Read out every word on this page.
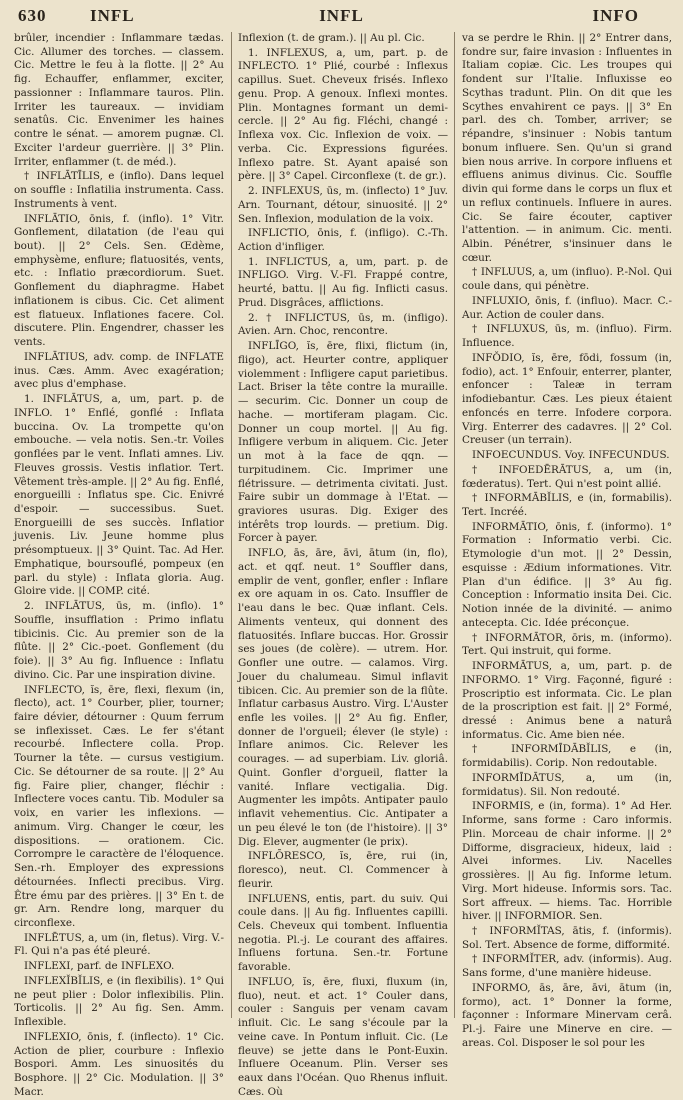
630	INFL	INFL	INFO

brûler, incendier : Inflammare tædas. Cic. Allumer des torches. — classem. Cic. Mettre le feu à la flotte. || 2° Au fig. Echauffer, enflammer, exciter, passionner : Inflammare tauros. Plin. Irriter les taureaux. — invidiam senatûs. Cic. Envenimer les haines contre le sénat. — amorem pugnæ. Cl. Exciter l'ardeur guerrière. || 3° Plin. Irriter, enflammer (t. de méd.).

† INFLĀTĪLIS, e (inflo). Dans lequel on souffle : Inflatilia instrumenta. Cass. Instruments à vent.

INFLĀTIO, ōnis, f. (inflo). 1° Vitr. Gonflement, dilatation (de l'eau qui bout). || 2° Cels. Sen. Œdème, emphysème, enflure; flatuosités, vents, etc. : Inflatio præcordiorum. Suet. Gonflement du diaphragme. Habet inflationem is cibus. Cic. Cet aliment est flatueux. Inflationes facere. Col. discutere. Plin. Engendrer, chasser les vents.

INFLĀTIUS, adv. comp. de INFLATE inus. Cæs. Amm. Avec exagération; avec plus d'emphase.

1. INFLĀTUS, a, um, part. p. de INFLO. 1° Enflé, gonflé : Inflata buccina. Ov. La trompette qu'on embouche. — vela notis. Sen.-tr. Voiles gonflées par le vent. Inflati amnes. Liv. Fleuves grossis. Vestis inflatior. Tert. Vêtement très-ample. || 2° Au fig. Enflé, enorgueilli : Inflatus spe. Cic. Enivré d'espoir. — successibus. Suet. Enorgueilli de ses succès. Inflatior juvenis. Liv. Jeune homme plus présomptueux. || 3° Quint. Tac. Ad Her. Emphatique, boursouflé, pompeux (en parl. du style) : Inflata gloria. Aug. Gloire vide. || COMP. cité.

2. INFLĀTUS, ūs, m. (inflo). 1° Souffle, insufflation : Primo inflatu tibicinis. Cic. Au premier son de la flûte. || 2° Cic.-poet. Gonflement (du foie). || 3° Au fig. Influence : Inflatu divino. Cic. Par une inspiration divine.

INFLECTO, ĭs, ēre, flexi, flexum (in, flecto), act. 1° Courber, plier, tourner; faire dévier, détourner : Quum ferrum se inflexisset. Cæs. Le fer s'étant recourbé. Inflectere colla. Prop. Tourner la tête. — cursus vestigium. Cic. Se détourner de sa route. || 2° Au fig. Faire plier, changer, fléchir : Inflectere voces cantu. Tib. Moduler sa voix, en varier les inflexions. — animum. Virg. Changer le cœur, les dispositions. — orationem. Cic. Corrompre le caractère de l'éloquence. Sen.-rh. Employer des expressions détournées. Inflecti precibus. Virg. Être ému par des prières. || 3° En t. de gr. Arn. Rendre long, marquer du circonflexe.

INFLĒTUS, a, um (in, fletus). Virg. V.-Fl. Qui n'a pas été pleuré.

INFLEXI, parf. de INFLEXO.

INFLEXĬBĬLIS, e (in flexibilis). 1° Qui ne peut plier : Dolor inflexibilis. Plin. Torticolis. || 2° Au fig. Sen. Amm. Inflexible.

INFLEXIO, ōnis, f. (inflecto). 1° Cic. Action de plier, courbure : Inflexio Bospori. Amm. Les sinuosités du Bosphore. || 2° Cic. Modulation. || 3° Macr.

Inflexion (t. de gram.). || Au pl. Cic.

1. INFLEXUS, a, um, part. p. de INFLECTO. 1° Plié, courbé : Inflexus capillus. Suet. Cheveux frisés. Inflexo genu. Prop. A genoux. Inflexi montes. Plin. Montagnes formant un demi-cercle. || 2° Au fig. Fléchi, changé : Inflexa vox. Cic. Inflexion de voix. — verba. Cic. Expressions figurées. Inflexo patre. St. Ayant apaisé son père. || 3° Capel. Circonflexe (t. de gr.).

2. INFLEXUS, ūs, m. (inflecto) 1° Juv. Arn. Tournant, détour, sinuosité. || 2° Sen. Inflexion, modulation de la voix.

INFLICTIO, ōnis, f. (infligo). C.-Th. Action d'infliger.

1. INFLICTUS, a, um, part. p. de INFLIGO. Virg. V.-Fl. Frappé contre, heurté, battu. || Au fig. Inflicti casus. Prud. Disgrâces, afflictions.

2. † INFLICTUS, ūs, m. (infligo). Avien. Arn. Choc, rencontre.

INFLĪGO, ĭs, ēre, flixi, flictum (in, fligo), act. Heurter contre, appliquer violemment : Infligere caput parietibus. Lact. Briser la tête contre la muraille. — securim. Cic. Donner un coup de hache. — mortiferam plagam. Cic. Donner un coup mortel. || Au fig. Infligere verbum in aliquem. Cic. Jeter un mot à la face de qqn. — turpitudinem. Cic. Imprimer une flétrissure. — detrimenta civitati. Just. Faire subir un dommage à l'Etat. — graviores usuras. Dig. Exiger des intérêts trop lourds. — pretium. Dig. Forcer à payer.

INFLO, ās, āre, āvi, ātum (in, flo), act. et qqf. neut. 1° Souffler dans, emplir de vent, gonfler, enfler : Inflare ex ore aquam in os. Cato. Insuffler de l'eau dans le bec. Quæ inflant. Cels. Aliments venteux, qui donnent des flatuosités. Inflare buccas. Hor. Grossir ses joues (de colère). — utrem. Hor. Gonfler une outre. — calamos. Virg. Jouer du chalumeau. Simul inflavit tibicen. Cic. Au premier son de la flûte. Inflatur carbasus Austro. Virg. L'Auster enfle les voiles. || 2° Au fig. Enfler, donner de l'orgueil; élever (le style) : Inflare animos. Cic. Relever les courages. — ad superbiam. Liv. gloriâ. Quint. Gonfler d'orgueil, flatter la vanité. Inflare vectigalia. Dig. Augmenter les impôts. Antipater paulo inflavit vehementius. Cic. Antipater a un peu élevé le ton (de l'histoire). || 3° Dig. Elever, augmenter (le prix).

INFLŌRESCO, ĭs, ēre, rui (in, floresco), neut. Cl. Commencer à fleurir.

INFLUENS, entis, part. du suiv. Qui coule dans. || Au fig. Influentes capilli. Cels. Cheveux qui tombent. Influentia negotia. Pl.-j. Le courant des affaires. Influens fortuna. Sen.-tr. Fortune favorable.

INFLUO, ĭs, ēre, fluxi, fluxum (in, fluo), neut. et act. 1° Couler dans, couler : Sanguis per venam cavam influit. Cic. Le sang s'écoule par la veine cave. In Pontum influit. Cic. (Le fleuve) se jette dans le Pont-Euxin. Influere Oceanum. Plin. Verser ses eaux dans l'Océan. Quo Rhenus influit. Cæs. Où

va se perdre le Rhin. || 2° Entrer dans, fondre sur, faire invasion : Influentes in Italiam copiæ. Cic. Les troupes qui fondent sur l'Italie. Influxisse eo Scythas tradunt. Plin. On dit que les Scythes envahirent ce pays. || 3° En parl. des ch. Tomber, arriver; se répandre, s'insinuer : Nobis tantum bonum influere. Sen. Qu'un si grand bien nous arrive. In corpore influens et effluens animus divinus. Cic. Souffle divin qui forme dans le corps un flux et un reflux continuels. Influere in aures. Cic. Se faire écouter, captiver l'attention. — in animum. Cic. menti. Albin. Pénétrer, s'insinuer dans le cœur.

† INFLUUS, a, um (influo). P.-Nol. Qui coule dans, qui pénètre.

INFLUXIO, ōnis, f. (influo). Macr. C.-Aur. Action de couler dans.

† INFLUXUS, ūs, m. (influo). Firm. Influence.

INFŎDIO, ĭs, ēre, fōdi, fossum (in, fodio), act. 1° Enfouir, enterrer, planter, enfoncer : Taleæ in terram infodiebantur. Cæs. Les pieux étaient enfoncés en terre. Infodere corpora. Virg. Enterrer des cadavres. || 2° Col. Creuser (un terrain).

INFOECUNDUS. Voy. INFECUNDUS.

† INFOEDĒRĀTUS, a, um (in, fœderatus). Tert. Qui n'est point allié.

† INFORMĀBĬLIS, e (in, formabilis). Tert. Incréé.

INFORMĀTIO, ōnis, f. (informo). 1° Formation : Informatio verbi. Cic. Etymologie d'un mot. || 2° Dessin, esquisse : Ædium informationes. Vitr. Plan d'un édifice. || 3° Au fig. Conception : Informatio insita Dei. Cic. Notion innée de la divinité. — animo antecepta. Cic. Idée préconçue.

† INFORMĀTOR, ōris, m. (informo). Tert. Qui instruit, qui forme.

INFORMĀTUS, a, um, part. p. de INFORMO. 1° Virg. Façonné, figuré : Proscriptio est informata. Cic. Le plan de la proscription est fait. || 2° Formé, dressé : Animus bene a naturâ informatus. Cic. Ame bien née.

† INFORMĪDĀBĬLIS, e (in, formidabilis). Corip. Non redoutable.

INFORMĪDĀTUS, a, um (in, formidatus). Sil. Non redouté.

INFORMIS, e (in, forma). 1° Ad Her. Informe, sans forme : Caro informis. Plin. Morceau de chair informe. || 2° Difforme, disgracieux, hideux, laid : Alvei informes. Liv. Nacelles grossières. || Au fig. Informe letum. Virg. Mort hideuse. Informis sors. Tac. Sort affreux. — hiems. Tac. Horrible hiver. || INFORMIOR. Sen.

† INFORMĬTAS, ātis, f. (informis). Sol. Tert. Absence de forme, difformité.

† INFORMĬTER, adv. (informis). Aug. Sans forme, d'une manière hideuse.

INFORMO, ās, āre, āvi, ātum (in, formo), act. 1° Donner la forme, façonner : Informare Minervam cerâ. Pl.-j. Faire une Minerve en cire. — areas. Col. Disposer le sol pour les
